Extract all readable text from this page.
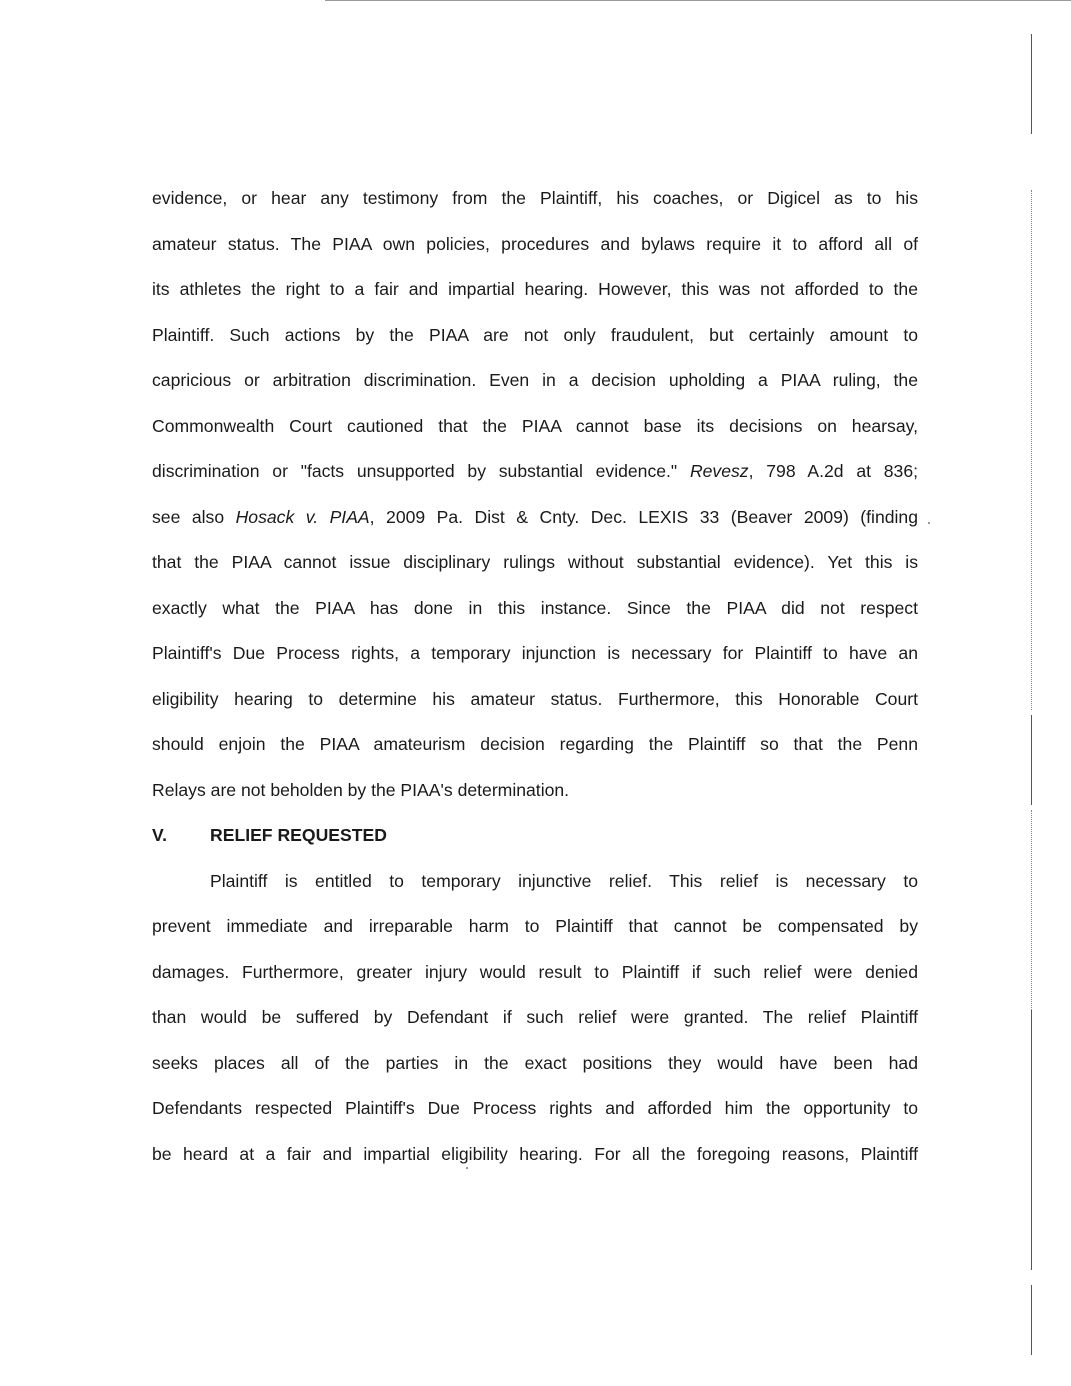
evidence, or hear any testimony from the Plaintiff, his coaches, or Digicel as to his
amateur status. The PIAA own policies, procedures and bylaws require it to afford all of
its athletes the right to a fair and impartial hearing. However, this was not afforded to the
Plaintiff. Such actions by the PIAA are not only fraudulent, but certainly amount to
capricious or arbitration discrimination. Even in a decision upholding a PIAA ruling, the
Commonwealth Court cautioned that the PIAA cannot base its decisions on hearsay,
discrimination or "facts unsupported by substantial evidence." Revesz, 798 A.2d at 836;
see also Hosack v. PIAA, 2009 Pa. Dist & Cnty. Dec. LEXIS 33 (Beaver 2009) (finding
that the PIAA cannot issue disciplinary rulings without substantial evidence). Yet this is
exactly what the PIAA has done in this instance. Since the PIAA did not respect
Plaintiff's Due Process rights, a temporary injunction is necessary for Plaintiff to have an
eligibility hearing to determine his amateur status. Furthermore, this Honorable Court
should enjoin the PIAA amateurism decision regarding the Plaintiff so that the Penn
Relays are not beholden by the PIAA's determination.
V. RELIEF REQUESTED
Plaintiff is entitled to temporary injunctive relief. This relief is necessary to
prevent immediate and irreparable harm to Plaintiff that cannot be compensated by
damages. Furthermore, greater injury would result to Plaintiff if such relief were denied
than would be suffered by Defendant if such relief were granted. The relief Plaintiff
seeks places all of the parties in the exact positions they would have been had
Defendants respected Plaintiff's Due Process rights and afforded him the opportunity to
be heard at a fair and impartial eligibility hearing. For all the foregoing reasons, Plaintiff
